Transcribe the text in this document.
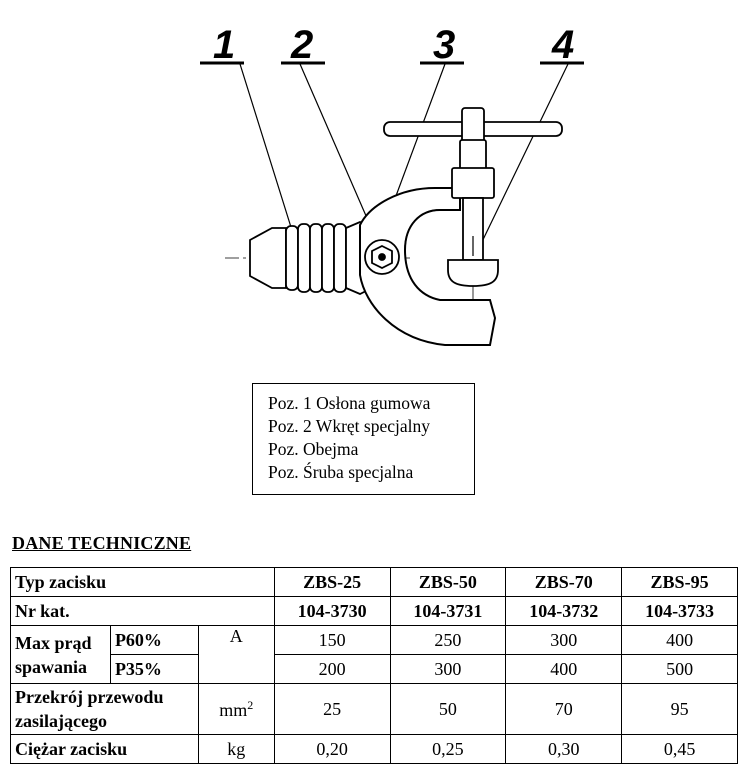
1 2	3 4
Poz. 1 Osłona gumowa
Poz. 2 Wkręt specjalny
Poz. Obejma
Poz. Śruba specjalna
DANE TECHNICZNE
Typ zacisku			ZBS-25	ZBS-50	ZBS-70	ZBS-95
Nr kat.			104-3730	104-3731	104-3732	104-3733
Max prąd
spawania	P60%	A	150	250	300	400
	P35%		200	300	400	500
Przekrój przewodu
zasilającego		$mm^2$	25	50	70	95
Ciężar zacisku		kg	0,20	0,25	0,30	0,45
